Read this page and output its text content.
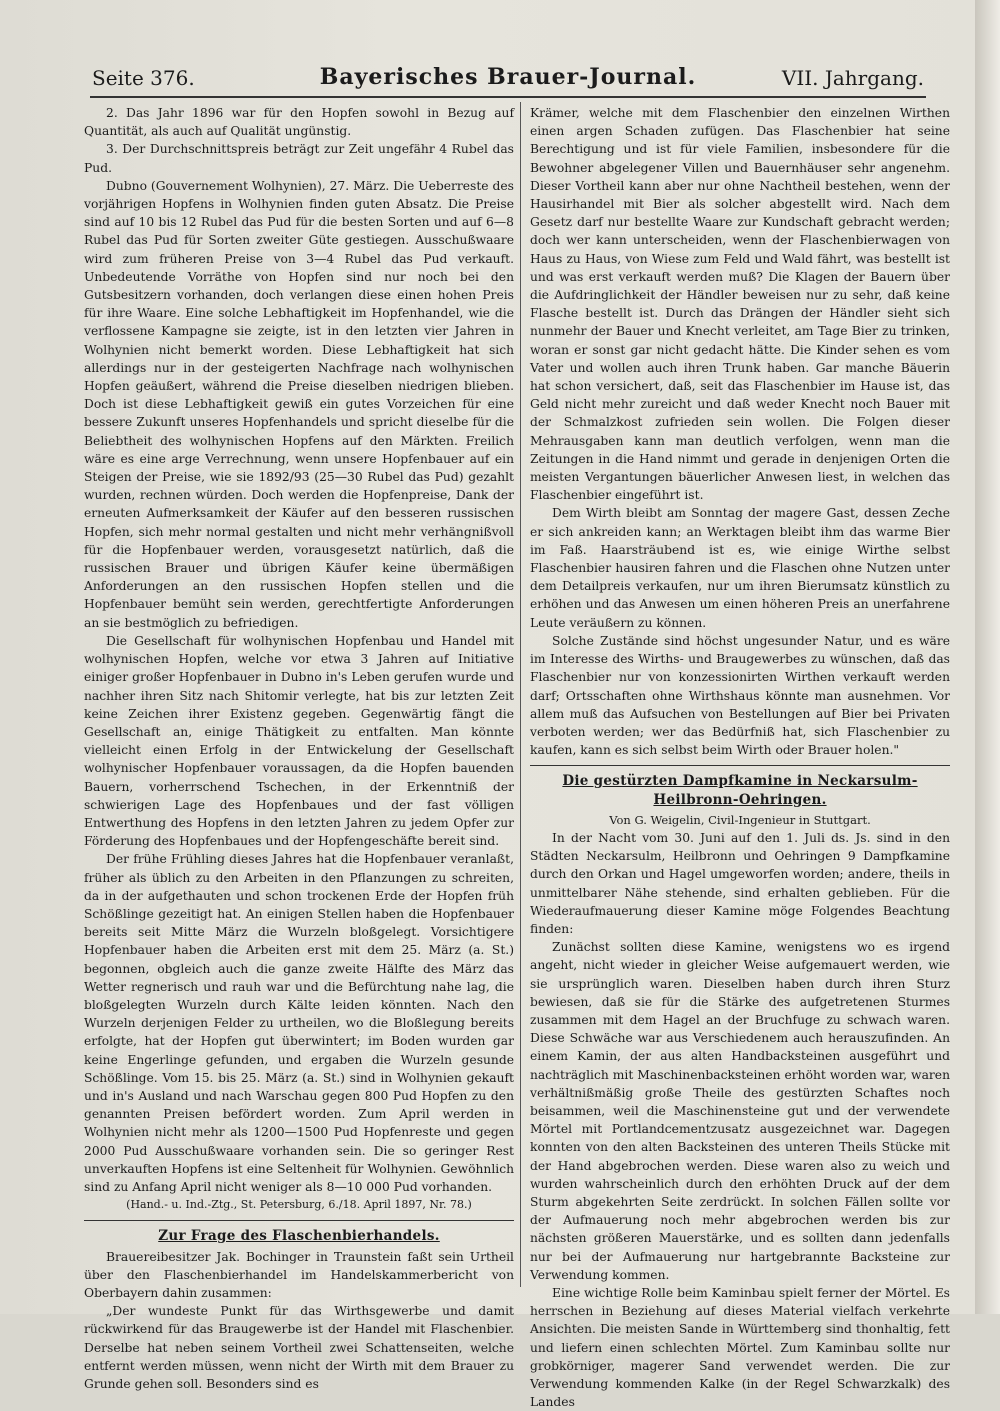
Seite 376.	Bayerisches Brauer-Journal.	VII. Jahrgang.

2. Das Jahr 1896 war für den Hopfen sowohl in Bezug auf Quantität, als auch auf Qualität ungünstig.

3. Der Durchschnittspreis beträgt zur Zeit ungefähr 4 Rubel das Pud.

Dubno (Gouvernement Wolhynien), 27. März. Die Ueberreste des vorjährigen Hopfens in Wolhynien finden guten Absatz. Die Preise sind auf 10 bis 12 Rubel das Pud für die besten Sorten und auf 6—8 Rubel das Pud für Sorten zweiter Güte gestiegen. Ausschußwaare wird zum früheren Preise von 3—4 Rubel das Pud verkauft. Unbedeutende Vorräthe von Hopfen sind nur noch bei den Gutsbesitzern vorhanden, doch verlangen diese einen hohen Preis für ihre Waare. Eine solche Lebhaftigkeit im Hopfenhandel, wie die verflossene Kampagne sie zeigte, ist in den letzten vier Jahren in Wolhynien nicht bemerkt worden. Diese Lebhaftigkeit hat sich allerdings nur in der gesteigerten Nachfrage nach wolhynischen Hopfen geäußert, während die Preise dieselben niedrigen blieben. Doch ist diese Lebhaftigkeit gewiß ein gutes Vorzeichen für eine bessere Zukunft unseres Hopfenhandels und spricht dieselbe für die Beliebtheit des wolhynischen Hopfens auf den Märkten. Freilich wäre es eine arge Verrechnung, wenn unsere Hopfenbauer auf ein Steigen der Preise, wie sie 1892/93 (25—30 Rubel das Pud) gezahlt wurden, rechnen würden. Doch werden die Hopfenpreise, Dank der erneuten Aufmerksamkeit der Käufer auf den besseren russischen Hopfen, sich mehr normal gestalten und nicht mehr verhängnißvoll für die Hopfenbauer werden, vorausgesetzt natürlich, daß die russischen Brauer und übrigen Käufer keine übermäßigen Anforderungen an den russischen Hopfen stellen und die Hopfenbauer bemüht sein werden, gerechtfertigte Anforderungen an sie bestmöglich zu befriedigen.

Die Gesellschaft für wolhynischen Hopfenbau und Handel mit wolhynischen Hopfen, welche vor etwa 3 Jahren auf Initiative einiger großer Hopfenbauer in Dubno in's Leben gerufen wurde und nachher ihren Sitz nach Shitomir verlegte, hat bis zur letzten Zeit keine Zeichen ihrer Existenz gegeben. Gegenwärtig fängt die Gesellschaft an, einige Thätigkeit zu entfalten. Man könnte vielleicht einen Erfolg in der Entwickelung der Gesellschaft wolhynischer Hopfenbauer voraussagen, da die Hopfen bauenden Bauern, vorherrschend Tschechen, in der Erkenntniß der schwierigen Lage des Hopfenbaues und der fast völligen Entwerthung des Hopfens in den letzten Jahren zu jedem Opfer zur Förderung des Hopfenbaues und der Hopfengeschäfte bereit sind.

Der frühe Frühling dieses Jahres hat die Hopfenbauer veranlaßt, früher als üblich zu den Arbeiten in den Pflanzungen zu schreiten, da in der aufgethauten und schon trockenen Erde der Hopfen früh Schößlinge gezeitigt hat. An einigen Stellen haben die Hopfenbauer bereits seit Mitte März die Wurzeln bloßgelegt. Vorsichtigere Hopfenbauer haben die Arbeiten erst mit dem 25. März (a. St.) begonnen, obgleich auch die ganze zweite Hälfte des März das Wetter regnerisch und rauh war und die Befürchtung nahe lag, die bloßgelegten Wurzeln durch Kälte leiden könnten. Nach den Wurzeln derjenigen Felder zu urtheilen, wo die Bloßlegung bereits erfolgte, hat der Hopfen gut überwintert; im Boden wurden gar keine Engerlinge gefunden, und ergaben die Wurzeln gesunde Schößlinge. Vom 15. bis 25. März (a. St.) sind in Wolhynien gekauft und in's Ausland und nach Warschau gegen 800 Pud Hopfen zu den genannten Preisen befördert worden. Zum April werden in Wolhynien nicht mehr als 1200—1500 Pud Hopfenreste und gegen 2000 Pud Ausschußwaare vorhanden sein. Die so geringer Rest unverkauften Hopfens ist eine Seltenheit für Wolhynien. Gewöhnlich sind zu Anfang April nicht weniger als 8—10 000 Pud vorhanden.

(Hand.- u. Ind.-Ztg., St. Petersburg, 6./18. April 1897, Nr. 78.)

Zur Frage des Flaschenbierhandels.

Brauereibesitzer Jak. Bochinger in Traunstein faßt sein Urtheil über den Flaschenbierhandel im Handelskammerbericht von Oberbayern dahin zusammen:

„Der wundeste Punkt für das Wirthsgewerbe und damit rückwirkend für das Braugewerbe ist der Handel mit Flaschenbier. Derselbe hat neben seinem Vortheil zwei Schattenseiten, welche entfernt werden müssen, wenn nicht der Wirth mit dem Brauer zu Grunde gehen soll. Besonders sind es

Krämer, welche mit dem Flaschenbier den einzelnen Wirthen einen argen Schaden zufügen. Das Flaschenbier hat seine Berechtigung und ist für viele Familien, insbesondere für die Bewohner abgelegener Villen und Bauernhäuser sehr angenehm. Dieser Vortheil kann aber nur ohne Nachtheil bestehen, wenn der Hausirhandel mit Bier als solcher abgestellt wird. Nach dem Gesetz darf nur bestellte Waare zur Kundschaft gebracht werden; doch wer kann unterscheiden, wenn der Flaschenbierwagen von Haus zu Haus, von Wiese zum Feld und Wald fährt, was bestellt ist und was erst verkauft werden muß? Die Klagen der Bauern über die Aufdringlichkeit der Händler beweisen nur zu sehr, daß keine Flasche bestellt ist. Durch das Drängen der Händler sieht sich nunmehr der Bauer und Knecht verleitet, am Tage Bier zu trinken, woran er sonst gar nicht gedacht hätte. Die Kinder sehen es vom Vater und wollen auch ihren Trunk haben. Gar manche Bäuerin hat schon versichert, daß, seit das Flaschenbier im Hause ist, das Geld nicht mehr zureicht und daß weder Knecht noch Bauer mit der Schmalzkost zufrieden sein wollen. Die Folgen dieser Mehrausgaben kann man deutlich verfolgen, wenn man die Zeitungen in die Hand nimmt und gerade in denjenigen Orten die meisten Vergantungen bäuerlicher Anwesen liest, in welchen das Flaschenbier eingeführt ist.

Dem Wirth bleibt am Sonntag der magere Gast, dessen Zeche er sich ankreiden kann; an Werktagen bleibt ihm das warme Bier im Faß. Haarsträubend ist es, wie einige Wirthe selbst Flaschenbier hausiren fahren und die Flaschen ohne Nutzen unter dem Detailpreis verkaufen, nur um ihren Bierumsatz künstlich zu erhöhen und das Anwesen um einen höheren Preis an unerfahrene Leute veräußern zu können.

Solche Zustände sind höchst ungesunder Natur, und es wäre im Interesse des Wirths- und Braugewerbes zu wünschen, daß das Flaschenbier nur von konzessionirten Wirthen verkauft werden darf; Ortsschaften ohne Wirthshaus könnte man ausnehmen. Vor allem muß das Aufsuchen von Bestellungen auf Bier bei Privaten verboten werden; wer das Bedürfniß hat, sich Flaschenbier zu kaufen, kann es sich selbst beim Wirth oder Brauer holen."

Die gestürzten Dampfkamine in Neckarsulm-Heilbronn-Oehringen.

Von G. Weigelin, Civil-Ingenieur in Stuttgart.

In der Nacht vom 30. Juni auf den 1. Juli ds. Js. sind in den Städten Neckarsulm, Heilbronn und Oehringen 9 Dampfkamine durch den Orkan und Hagel umgeworfen worden; andere, theils in unmittelbarer Nähe stehende, sind erhalten geblieben. Für die Wiederaufmauerung dieser Kamine möge Folgendes Beachtung finden:

Zunächst sollten diese Kamine, wenigstens wo es irgend angeht, nicht wieder in gleicher Weise aufgemauert werden, wie sie ursprünglich waren. Dieselben haben durch ihren Sturz bewiesen, daß sie für die Stärke des aufgetretenen Sturmes zusammen mit dem Hagel an der Bruchfuge zu schwach waren. Diese Schwäche war aus Verschiedenem auch herauszufinden. An einem Kamin, der aus alten Handbacksteinen ausgeführt und nachträglich mit Maschinenbacksteinen erhöht worden war, waren verhältnißmäßig große Theile des gestürzten Schaftes noch beisammen, weil die Maschinensteine gut und der verwendete Mörtel mit Portlandcementzusatz ausgezeichnet war. Dagegen konnten von den alten Backsteinen des unteren Theils Stücke mit der Hand abgebrochen werden. Diese waren also zu weich und wurden wahrscheinlich durch den erhöhten Druck auf der dem Sturm abgekehrten Seite zerdrückt. In solchen Fällen sollte vor der Aufmauerung noch mehr abgebrochen werden bis zur nächsten größeren Mauerstärke, und es sollten dann jedenfalls nur bei der Aufmauerung nur hartgebrannte Backsteine zur Verwendung kommen.

Eine wichtige Rolle beim Kaminbau spielt ferner der Mörtel. Es herrschen in Beziehung auf dieses Material vielfach verkehrte Ansichten. Die meisten Sande in Württemberg sind thonhaltig, fett und liefern einen schlechten Mörtel. Zum Kaminbau sollte nur grobkörniger, magerer Sand verwendet werden. Die zur Verwendung kommenden Kalke (in der Regel Schwarzkalk) des Landes
